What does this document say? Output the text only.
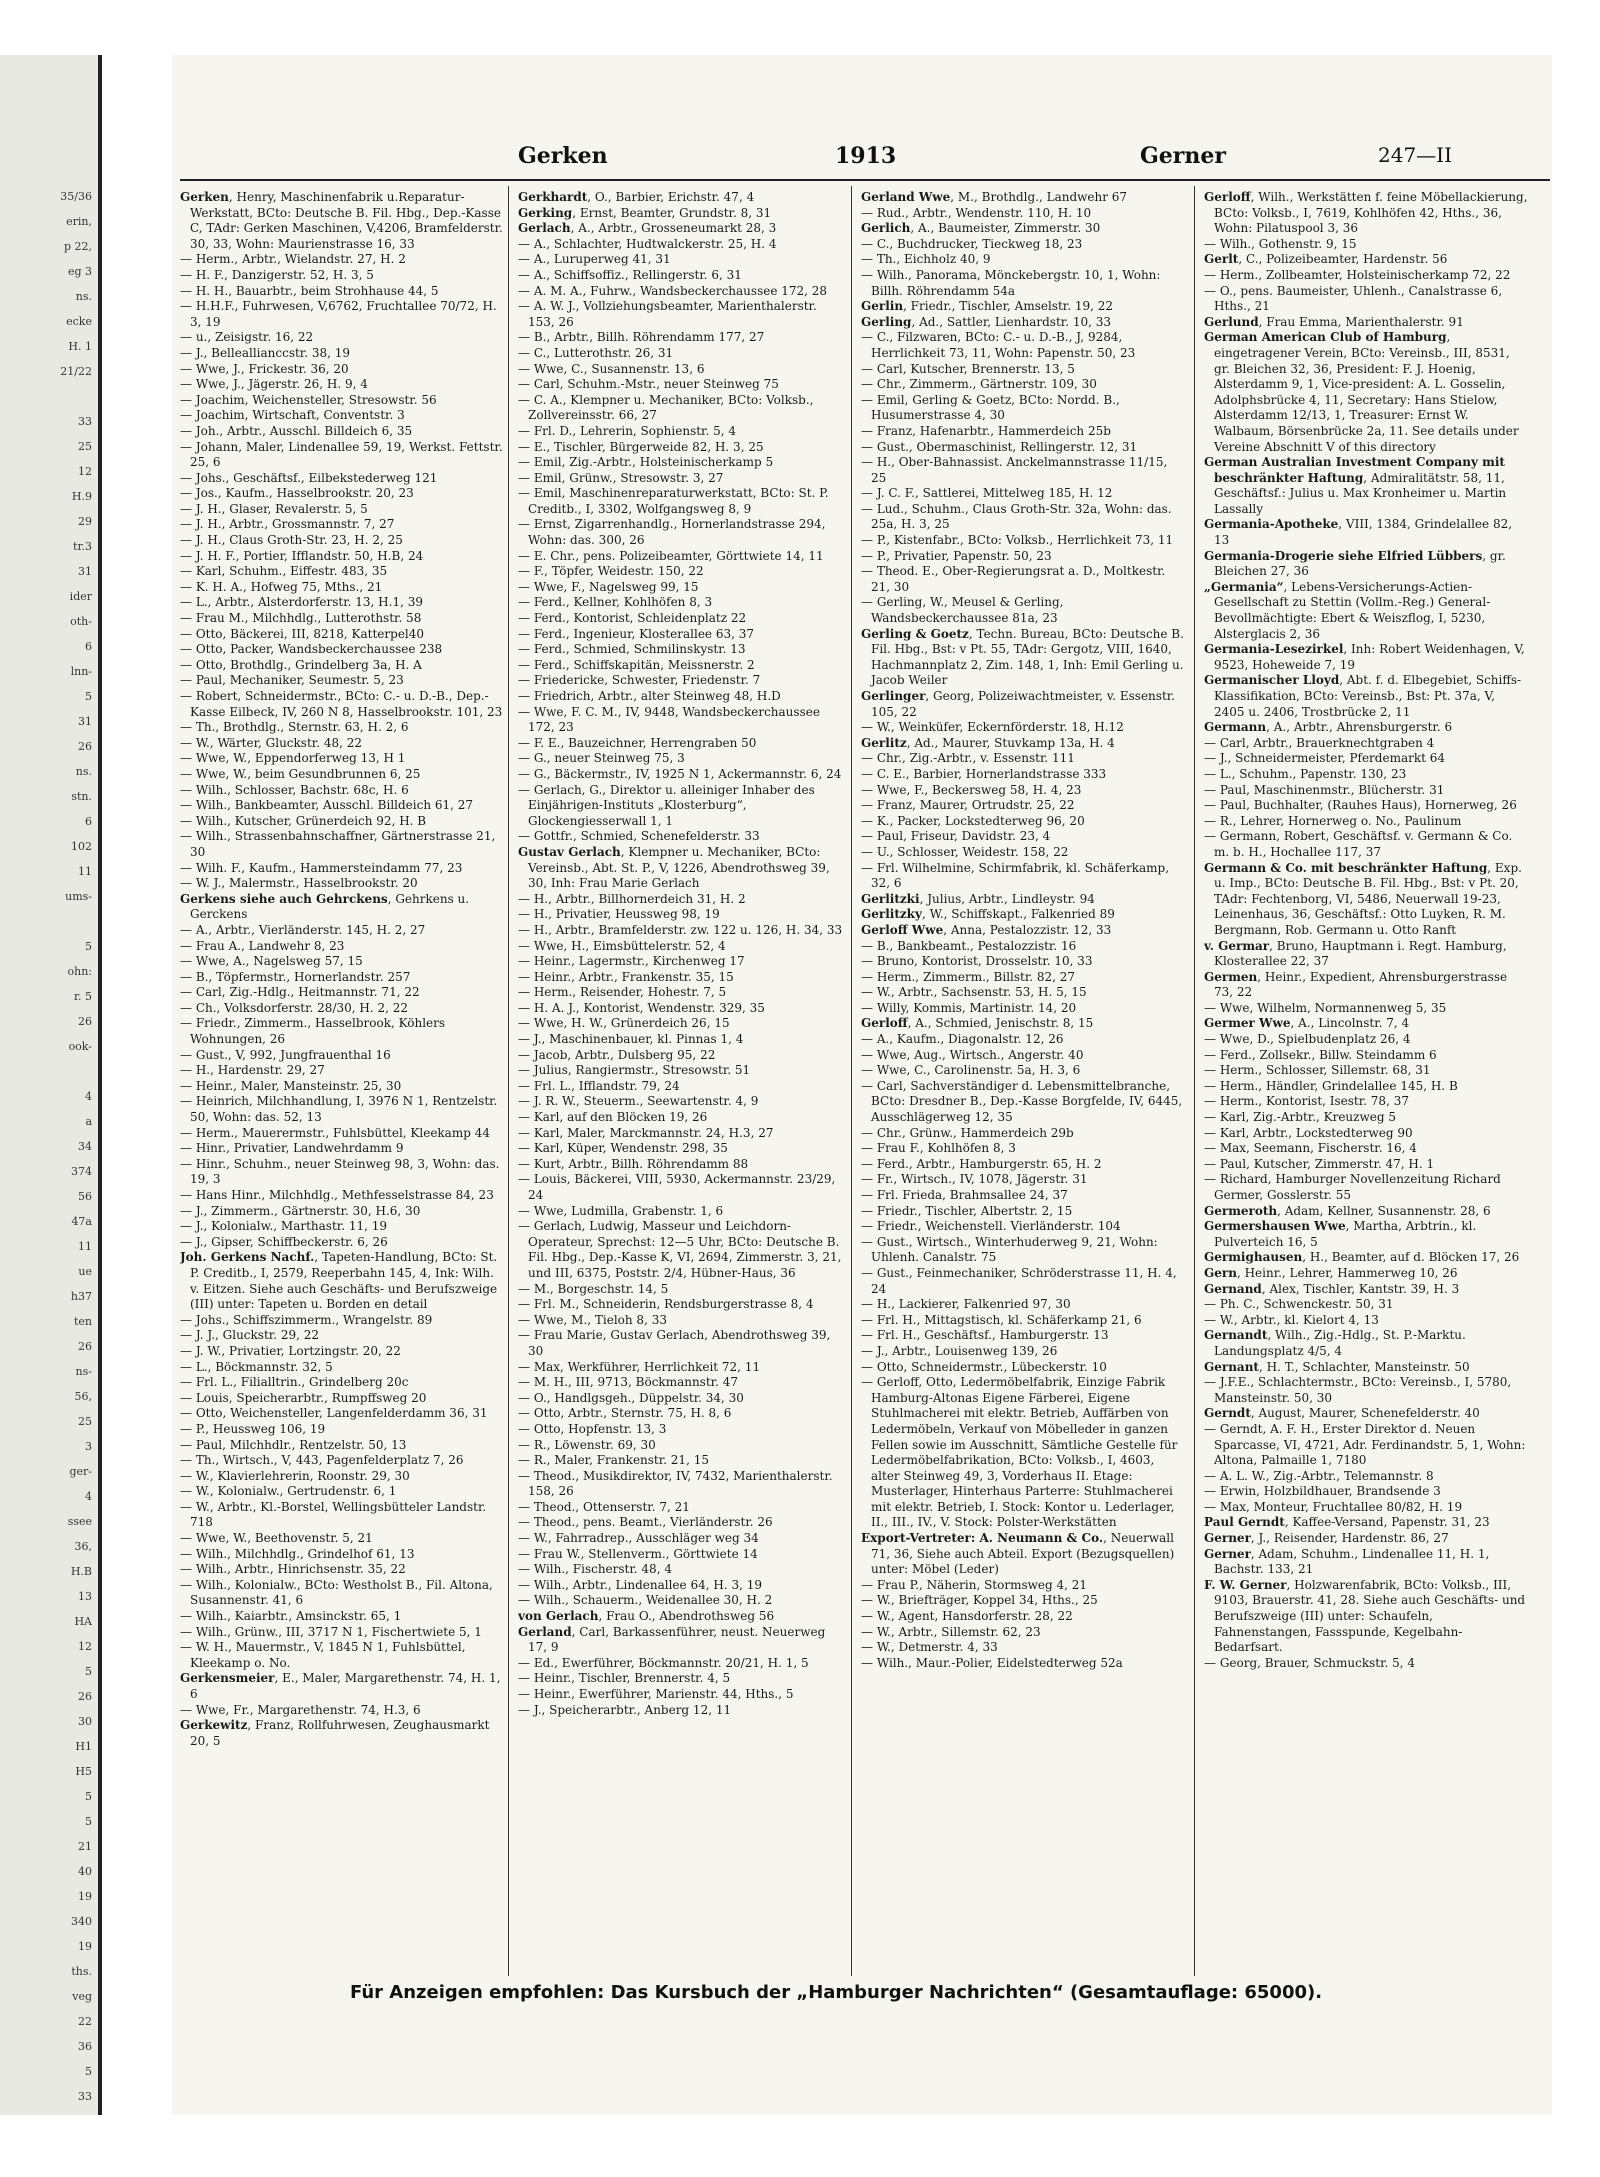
35/36
erin,
p 22,
eg 3
ns.
ecke
H. 1
21/22
33
25
12
H.9
29
tr.3
31
ider
oth-
6
lnn-
5
31
26
ns.
stn.
6
102
11
ums-
5
ohn:
r. 5
26
ook-
4
a
34
374
56
47a
11
ue
h37
ten
26
ns-
56,
25
3
ger-
4
ssee
36,
H.B
13
HA
12
5
26
30
H1
H5
5
5
21
40
19
340
19
ths.
veg
22
36
5
33
Gerken	1913	Gerner	247—II

Gerken, Henry, Maschinenfabrik u.Reparatur-Werkstatt, BCto: Deutsche B. Fil. Hbg., Dep.-Kasse C, TAdr: Gerken Maschinen, V,4206, Bramfelderstr. 30, 33, Wohn: Maurienstrasse 16, 33

— Herm., Arbtr., Wielandstr. 27, H. 2

— H. F., Danzigerstr. 52, H. 3, 5

— H. H., Bauarbtr., beim Strohhause 44, 5

— H.H.F., Fuhrwesen, V,6762, Fruchtallee 70/72, H. 3, 19

— u., Zeisigstr. 16, 22

— J., Belleallianccstr. 38, 19

— Wwe, J., Frickestr. 36, 20

— Wwe, J., Jägerstr. 26, H. 9, 4

— Joachim, Weichensteller, Stresowstr. 56

— Joachim, Wirtschaft, Conventstr. 3

— Joh., Arbtr., Ausschl. Billdeich 6, 35

— Johann, Maler, Lindenallee 59, 19, Werkst. Fettstr. 25, 6

— Johs., Geschäftsf., Eilbekstederweg 121

— Jos., Kaufm., Hasselbrookstr. 20, 23

— J. H., Glaser, Revalerstr. 5, 5

— J. H., Arbtr., Grossmannstr. 7, 27

— J. H., Claus Groth-Str. 23, H. 2, 25

— J. H. F., Portier, Ifflandstr. 50, H.B, 24

— Karl, Schuhm., Eiffestr. 483, 35

— K. H. A., Hofweg 75, Mths., 21

— L., Arbtr., Alsterdorferstr. 13, H.1, 39

— Frau M., Milchhdlg., Lutterothstr. 58

— Otto, Bäckerei, III, 8218, Katterpel40

— Otto, Packer, Wandsbeckerchaussee 238

— Otto, Brothdlg., Grindelberg 3a, H. A

— Paul, Mechaniker, Seumestr. 5, 23

— Robert, Schneidermstr., BCto: C.- u. D.-B., Dep.-Kasse Eilbeck, IV, 260 N 8, Hasselbrookstr. 101, 23

— Th., Brothdlg., Sternstr. 63, H. 2, 6

— W., Wärter, Gluckstr. 48, 22

— Wwe, W., Eppendorferweg 13, H 1

— Wwe, W., beim Gesundbrunnen 6, 25

— Wilh., Schlosser, Bachstr. 68c, H. 6

— Wilh., Bankbeamter, Ausschl. Billdeich 61, 27

— Wilh., Kutscher, Grünerdeich 92, H. B

— Wilh., Strassenbahnschaffner, Gärtnerstrasse 21, 30

— Wilh. F., Kaufm., Hammersteindamm 77, 23

— W. J., Malermstr., Hasselbrookstr. 20

Gerkens siehe auch Gehrckens, Gehrkens u. Gerckens

— A., Arbtr., Vierländerstr. 145, H. 2, 27

— Frau A., Landwehr 8, 23

— Wwe, A., Nagelsweg 57, 15

— B., Töpfermstr., Hornerlandstr. 257

— Carl, Zig.-Hdlg., Heitmannstr. 71, 22

— Ch., Volksdorferstr. 28/30, H. 2, 22

— Friedr., Zimmerm., Hasselbrook, Köhlers Wohnungen, 26

— Gust., V, 992, Jungfrauenthal 16

— H., Hardenstr. 29, 27

— Heinr., Maler, Mansteinstr. 25, 30

— Heinrich, Milchhandlung, I, 3976 N 1, Rentzelstr. 50, Wohn: das. 52, 13

— Herm., Mauerermstr., Fuhlsbüttel, Kleekamp 44

— Hinr., Privatier, Landwehrdamm 9

— Hinr., Schuhm., neuer Steinweg 98, 3, Wohn: das. 19, 3

— Hans Hinr., Milchhdlg., Methfesselstrasse 84, 23

— J., Zimmerm., Gärtnerstr. 30, H.6, 30

— J., Kolonialw., Marthastr. 11, 19

— J., Gipser, Schiffbeckerstr. 6, 26

Joh. Gerkens Nachf., Tapeten-Handlung, BCto: St. P. Creditb., I, 2579, Reeperbahn 145, 4, Ink: Wilh. v. Eitzen. Siehe auch Geschäfts- und Berufszweige (III) unter: Tapeten u. Borden en detail

— Johs., Schiffszimmerm., Wrangelstr. 89

— J. J., Gluckstr. 29, 22

— J. W., Privatier, Lortzingstr. 20, 22

— L., Böckmannstr. 32, 5

— Frl. L., Filialltrin., Grindelberg 20c

— Louis, Speicherarbtr., Rumpffsweg 20

— Otto, Weichensteller, Langenfelderdamm 36, 31

— P., Heussweg 106, 19

— Paul, Milchhdlr., Rentzelstr. 50, 13

— Th., Wirtsch., V, 443, Pagenfelderplatz 7, 26

— W., Klavierlehrerin, Roonstr. 29, 30

— W., Kolonialw., Gertrudenstr. 6, 1

— W., Arbtr., Kl.-Borstel, Wellingsbütteler Landstr. 718

— Wwe, W., Beethovenstr. 5, 21

— Wilh., Milchhdlg., Grindelhof 61, 13

— Wilh., Arbtr., Hinrichsenstr. 35, 22

— Wilh., Kolonialw., BCto: Westholst B., Fil. Altona, Susannenstr. 41, 6

— Wilh., Kaiarbtr., Amsinckstr. 65, 1

— Wilh., Grünw., III, 3717 N 1, Fischertwiete 5, 1

— W. H., Mauermstr., V, 1845 N 1, Fuhlsbüttel, Kleekamp o. No.

Gerkensmeier, E., Maler, Margarethenstr. 74, H. 1, 6

— Wwe, Fr., Margarethenstr. 74, H.3, 6

Gerkewitz, Franz, Rollfuhrwesen, Zeughausmarkt 20, 5

Gerkhardt, O., Barbier, Erichstr. 47, 4

Gerking, Ernst, Beamter, Grundstr. 8, 31

Gerlach, A., Arbtr., Grosseneumarkt 28, 3

— A., Schlachter, Hudtwalckerstr. 25, H. 4

— A., Luruperweg 41, 31

— A., Schiffsoffiz., Rellingerstr. 6, 31

— A. M. A., Fuhrw., Wandsbeckerchaussee 172, 28

— A. W. J., Vollziehungsbeamter, Marienthalerstr. 153, 26

— B., Arbtr., Billh. Röhrendamm 177, 27

— C., Lutterothstr. 26, 31

— Wwe, C., Susannenstr. 13, 6

— Carl, Schuhm.-Mstr., neuer Steinweg 75

— C. A., Klempner u. Mechaniker, BCto: Volksb., Zollvereinsstr. 66, 27

— Frl. D., Lehrerin, Sophienstr. 5, 4

— E., Tischler, Bürgerweide 82, H. 3, 25

— Emil, Zig.-Arbtr., Holsteinischerkamp 5

— Emil, Grünw., Stresowstr. 3, 27

— Emil, Maschinenreparaturwerkstatt, BCto: St. P. Creditb., I, 3302, Wolfgangsweg 8, 9

— Ernst, Zigarrenhandlg., Hornerlandstrasse 294, Wohn: das. 300, 26

— E. Chr., pens. Polizeibeamter, Görttwiete 14, 11

— F., Töpfer, Weidestr. 150, 22

— Wwe, F., Nagelsweg 99, 15

— Ferd., Kellner, Kohlhöfen 8, 3

— Ferd., Kontorist, Schleidenplatz 22

— Ferd., Ingenieur, Klosterallee 63, 37

— Ferd., Schmied, Schmilinskystr. 13

— Ferd., Schiffskapitän, Meissnerstr. 2

— Friedericke, Schwester, Friedenstr. 7

— Friedrich, Arbtr., alter Steinweg 48, H.D

— Wwe, F. C. M., IV, 9448, Wandsbeckerchaussee 172, 23

— F. E., Bauzeichner, Herrengraben 50

— G., neuer Steinweg 75, 3

— G., Bäckermstr., IV, 1925 N 1, Ackermannstr. 6, 24

— Gerlach, G., Direktor u. alleiniger Inhaber des Einjährigen-Instituts „Klosterburg“, Glockengiesserwall 1, 1

— Gottfr., Schmied, Schenefelderstr. 33

Gustav Gerlach, Klempner u. Mechaniker, BCto: Vereinsb., Abt. St. P., V, 1226, Abendrothsweg 39, 30, Inh: Frau Marie Gerlach

— H., Arbtr., Billhornerdeich 31, H. 2

— H., Privatier, Heussweg 98, 19

— H., Arbtr., Bramfelderstr. zw. 122 u. 126, H. 34, 33

— Wwe, H., Eimsbüttelerstr. 52, 4

— Heinr., Lagermstr., Kirchenweg 17

— Heinr., Arbtr., Frankenstr. 35, 15

— Herm., Reisender, Hohestr. 7, 5

— H. A. J., Kontorist, Wendenstr. 329, 35

— Wwe, H. W., Grünerdeich 26, 15

— J., Maschinenbauer, kl. Pinnas 1, 4

— Jacob, Arbtr., Dulsberg 95, 22

— Julius, Rangiermstr., Stresowstr. 51

— Frl. L., Ifflandstr. 79, 24

— J. R. W., Steuerm., Seewartenstr. 4, 9

— Karl, auf den Blöcken 19, 26

— Karl, Maler, Marckmannstr. 24, H.3, 27

— Karl, Küper, Wendenstr. 298, 35

— Kurt, Arbtr., Billh. Röhrendamm 88

— Louis, Bäckerei, VIII, 5930, Ackermannstr. 23/29, 24

— Wwe, Ludmilla, Grabenstr. 1, 6

— Gerlach, Ludwig, Masseur und Leichdorn-Operateur, Sprechst: 12—5 Uhr, BCto: Deutsche B. Fil. Hbg., Dep.-Kasse K, VI, 2694, Zimmerstr. 3, 21, und III, 6375, Poststr. 2/4, Hübner-Haus, 36

— M., Borgeschstr. 14, 5

— Frl. M., Schneiderin, Rendsburgerstrasse 8, 4

— Wwe, M., Tieloh 8, 33

— Frau Marie, Gustav Gerlach, Abendrothsweg 39, 30

— Max, Werkführer, Herrlichkeit 72, 11

— M. H., III, 9713, Böckmannstr. 47

— O., Handlgsgeh., Düppelstr. 34, 30

— Otto, Arbtr., Sternstr. 75, H. 8, 6

— Otto, Hopfenstr. 13, 3

— R., Löwenstr. 69, 30

— R., Maler, Frankenstr. 21, 15

— Theod., Musikdirektor, IV, 7432, Marienthalerstr. 158, 26

— Theod., Ottenserstr. 7, 21

— Theod., pens. Beamt., Vierländerstr. 26

— W., Fahrradrep., Ausschläger weg 34

— Frau W., Stellenverm., Görttwiete 14

— Wilh., Fischerstr. 48, 4

— Wilh., Arbtr., Lindenallee 64, H. 3, 19

— Wilh., Schauerm., Weidenallee 30, H. 2

von Gerlach, Frau O., Abendrothsweg 56

Gerland, Carl, Barkassenführer, neust. Neuerweg 17, 9

— Ed., Ewerführer, Böckmannstr. 20/21, H. 1, 5

— Heinr., Tischler, Brennerstr. 4, 5

— Heinr., Ewerführer, Marienstr. 44, Hths., 5

— J., Speicherarbtr., Anberg 12, 11

Gerland Wwe, M., Brothdlg., Landwehr 67

— Rud., Arbtr., Wendenstr. 110, H. 10

Gerlich, A., Baumeister, Zimmerstr. 30

— C., Buchdrucker, Tieckweg 18, 23

— Th., Eichholz 40, 9

— Wilh., Panorama, Mönckebergstr. 10, 1, Wohn: Billh. Röhrendamm 54a

Gerlin, Friedr., Tischler, Amselstr. 19, 22

Gerling, Ad., Sattler, Lienhardstr. 10, 33

— C., Filzwaren, BCto: C.- u. D.-B., J, 9284, Herrlichkeit 73, 11, Wohn: Papenstr. 50, 23

— Carl, Kutscher, Brennerstr. 13, 5

— Chr., Zimmerm., Gärtnerstr. 109, 30

— Emil, Gerling & Goetz, BCto: Nordd. B., Husumerstrasse 4, 30

— Franz, Hafenarbtr., Hammerdeich 25b

— Gust., Obermaschinist, Rellingerstr. 12, 31

— H., Ober-Bahnassist. Anckelmannstrasse 11/15, 25

— J. C. F., Sattlerei, Mittelweg 185, H. 12

— Lud., Schuhm., Claus Groth-Str. 32a, Wohn: das. 25a, H. 3, 25

— P., Kistenfabr., BCto: Volksb., Herrlichkeit 73, 11

— P., Privatier, Papenstr. 50, 23

— Theod. E., Ober-Regierungsrat a. D., Moltkestr. 21, 30

— Gerling, W., Meusel & Gerling, Wandsbeckerchaussee 81a, 23

Gerling & Goetz, Techn. Bureau, BCto: Deutsche B. Fil. Hbg., Bst: v Pt. 55, TAdr: Gergotz, VIII, 1640, Hachmannplatz 2, Zim. 148, 1, Inh: Emil Gerling u. Jacob Weiler

Gerlinger, Georg, Polizeiwachtmeister, v. Essenstr. 105, 22

— W., Weinküfer, Eckernförderstr. 18, H.12

Gerlitz, Ad., Maurer, Stuvkamp 13a, H. 4

— Chr., Zig.-Arbtr., v. Essenstr. 111

— C. E., Barbier, Hornerlandstrasse 333

— Wwe, F., Beckersweg 58, H. 4, 23

— Franz, Maurer, Ortrudstr. 25, 22

— K., Packer, Lockstedterweg 96, 20

— Paul, Friseur, Davidstr. 23, 4

— U., Schlosser, Weidestr. 158, 22

— Frl. Wilhelmine, Schirmfabrik, kl. Schäferkamp, 32, 6

Gerlitzki, Julius, Arbtr., Lindleystr. 94

Gerlitzky, W., Schiffskapt., Falkenried 89

Gerloff Wwe, Anna, Pestalozzistr. 12, 33

— B., Bankbeamt., Pestalozzistr. 16

— Bruno, Kontorist, Drosselstr. 10, 33

— Herm., Zimmerm., Billstr. 82, 27

— W., Arbtr., Sachsenstr. 53, H. 5, 15

— Willy, Kommis, Martinistr. 14, 20

Gerloff, A., Schmied, Jenischstr. 8, 15

— A., Kaufm., Diagonalstr. 12, 26

— Wwe, Aug., Wirtsch., Angerstr. 40

— Wwe, C., Carolinenstr. 5a, H. 3, 6

— Carl, Sachverständiger d. Lebensmittelbranche, BCto: Dresdner B., Dep.-Kasse Borgfelde, IV, 6445, Ausschlägerweg 12, 35

— Chr., Grünw., Hammerdeich 29b

— Frau F., Kohlhöfen 8, 3

— Ferd., Arbtr., Hamburgerstr. 65, H. 2

— Fr., Wirtsch., IV, 1078, Jägerstr. 31

— Frl. Frieda, Brahmsallee 24, 37

— Friedr., Tischler, Albertstr. 2, 15

— Friedr., Weichenstell. Vierländerstr. 104

— Gust., Wirtsch., Winterhuderweg 9, 21, Wohn: Uhlenh. Canalstr. 75

— Gust., Feinmechaniker, Schröderstrasse 11, H. 4, 24

— H., Lackierer, Falkenried 97, 30

— Frl. H., Mittagstisch, kl. Schäferkamp 21, 6

— Frl. H., Geschäftsf., Hamburgerstr. 13

— J., Arbtr., Louisenweg 139, 26

— Otto, Schneidermstr., Lübeckerstr. 10

— Gerloff, Otto, Ledermöbelfabrik, Einzige Fabrik Hamburg-Altonas Eigene Färberei, Eigene Stuhlmacherei mit elektr. Betrieb, Auffärben von Ledermöbeln, Verkauf von Möbelleder in ganzen Fellen sowie im Ausschnitt, Sämtliche Gestelle für Ledermöbelfabrikation, BCto: Volksb., I, 4603, alter Steinweg 49, 3, Vorderhaus II. Etage: Musterlager, Hinterhaus Parterre: Stuhlmacherei mit elektr. Betrieb, I. Stock: Kontor u. Lederlager, II., III., IV., V. Stock: Polster-Werkstätten

Export-Vertreter: A. Neumann & Co., Neuerwall 71, 36, Siehe auch Abteil. Export (Bezugsquellen) unter: Möbel (Leder)

— Frau P., Näherin, Stormsweg 4, 21

— W., Briefträger, Koppel 34, Hths., 25

— W., Agent, Hansdorferstr. 28, 22

— W., Arbtr., Sillemstr. 62, 23

— W., Detmerstr. 4, 33

— Wilh., Maur.-Polier, Eidelstedterweg 52a

Gerloff, Wilh., Werkstätten f. feine Möbellackierung, BCto: Volksb., I, 7619, Kohlhöfen 42, Hths., 36, Wohn: Pilatuspool 3, 36

— Wilh., Gothenstr. 9, 15

Gerlt, C., Polizeibeamter, Hardenstr. 56

— Herm., Zollbeamter, Holsteinischerkamp 72, 22

— O., pens. Baumeister, Uhlenh., Canalstrasse 6, Hths., 21

Gerlund, Frau Emma, Marienthalerstr. 91

German American Club of Hamburg, eingetragener Verein, BCto: Vereinsb., III, 8531, gr. Bleichen 32, 36, President: F. J. Hoenig, Alsterdamm 9, 1, Vice-president: A. L. Gosselin, Adolphsbrücke 4, 11, Secretary: Hans Stielow, Alsterdamm 12/13, 1, Treasurer: Ernst W. Walbaum, Börsenbrücke 2a, 11. See details under Vereine Abschnitt V of this directory

German Australian Investment Company mit beschränkter Haftung, Admiralitätstr. 58, 11, Geschäftsf.: Julius u. Max Kronheimer u. Martin Lassally

Germania-Apotheke, VIII, 1384, Grindelallee 82, 13

Germania-Drogerie siehe Elfried Lübbers, gr. Bleichen 27, 36

„Germania“, Lebens-Versicherungs-Actien-Gesellschaft zu Stettin (Vollm.-Reg.) General-Bevollmächtigte: Ebert & Weiszflog, I, 5230, Alsterglacis 2, 36

Germania-Lesezirkel, Inh: Robert Weidenhagen, V, 9523, Hoheweide 7, 19

Germanischer Lloyd, Abt. f. d. Elbegebiet, Schiffs-Klassifikation, BCto: Vereinsb., Bst: Pt. 37a, V, 2405 u. 2406, Trostbrücke 2, 11

Germann, A., Arbtr., Ahrensburgerstr. 6

— Carl, Arbtr., Brauerknechtgraben 4

— J., Schneidermeister, Pferdemarkt 64

— L., Schuhm., Papenstr. 130, 23

— Paul, Maschinenmstr., Blücherstr. 31

— Paul, Buchhalter, (Rauhes Haus), Hornerweg, 26

— R., Lehrer, Hornerweg o. No., Paulinum

— Germann, Robert, Geschäftsf. v. Germann & Co. m. b. H., Hochallee 117, 37

Germann & Co. mit beschränkter Haftung, Exp. u. Imp., BCto: Deutsche B. Fil. Hbg., Bst: v Pt. 20, TAdr: Fechtenborg, VI, 5486, Neuerwall 19-23, Leinenhaus, 36, Geschäftsf.: Otto Luyken, R. M. Bergmann, Rob. Germann u. Otto Ranft

v. Germar, Bruno, Hauptmann i. Regt. Hamburg, Klosterallee 22, 37

Germen, Heinr., Expedient, Ahrensburgerstrasse 73, 22

— Wwe, Wilhelm, Normannenweg 5, 35

Germer Wwe, A., Lincolnstr. 7, 4

— Wwe, D., Spielbudenplatz 26, 4

— Ferd., Zollsekr., Billw. Steindamm 6

— Herm., Schlosser, Sillemstr. 68, 31

— Herm., Händler, Grindelallee 145, H. B

— Herm., Kontorist, Isestr. 78, 37

— Karl, Zig.-Arbtr., Kreuzweg 5

— Karl, Arbtr., Lockstedterweg 90

— Max, Seemann, Fischerstr. 16, 4

— Paul, Kutscher, Zimmerstr. 47, H. 1

— Richard, Hamburger Novellenzeitung Richard Germer, Gosslerstr. 55

Germeroth, Adam, Kellner, Susannenstr. 28, 6

Germershausen Wwe, Martha, Arbtrin., kl. Pulverteich 16, 5

Germighausen, H., Beamter, auf d. Blöcken 17, 26

Gern, Heinr., Lehrer, Hammerweg 10, 26

Gernand, Alex, Tischler, Kantstr. 39, H. 3

— Ph. C., Schwenckestr. 50, 31

— W., Arbtr., kl. Kielort 4, 13

Gernandt, Wilh., Zig.-Hdlg., St. P.-Marktu. Landungsplatz 4/5, 4

Gernant, H. T., Schlachter, Mansteinstr. 50

— J.F.E., Schlachtermstr., BCto: Vereinsb., I, 5780, Mansteinstr. 50, 30

Gerndt, August, Maurer, Schenefelderstr. 40

— Gerndt, A. F. H., Erster Direktor d. Neuen Sparcasse, VI, 4721, Adr. Ferdinandstr. 5, 1, Wohn: Altona, Palmaille 1, 7180

— A. L. W., Zig.-Arbtr., Telemannstr. 8

— Erwin, Holzbildhauer, Brandsende 3

— Max, Monteur, Fruchtallee 80/82, H. 19

Paul Gerndt, Kaffee-Versand, Papenstr. 31, 23

Gerner, J., Reisender, Hardenstr. 86, 27

Gerner, Adam, Schuhm., Lindenallee 11, H. 1, Bachstr. 133, 21

F. W. Gerner, Holzwarenfabrik, BCto: Volksb., III, 9103, Brauerstr. 41, 28. Siehe auch Geschäfts- und Berufszweige (III) unter: Schaufeln, Fahnenstangen, Fassspunde, Kegelbahn-Bedarfsart.

— Georg, Brauer, Schmuckstr. 5, 4

Für Anzeigen empfohlen: Das Kursbuch der „Hamburger Nachrichten“ (Gesamtauflage: 65000).
